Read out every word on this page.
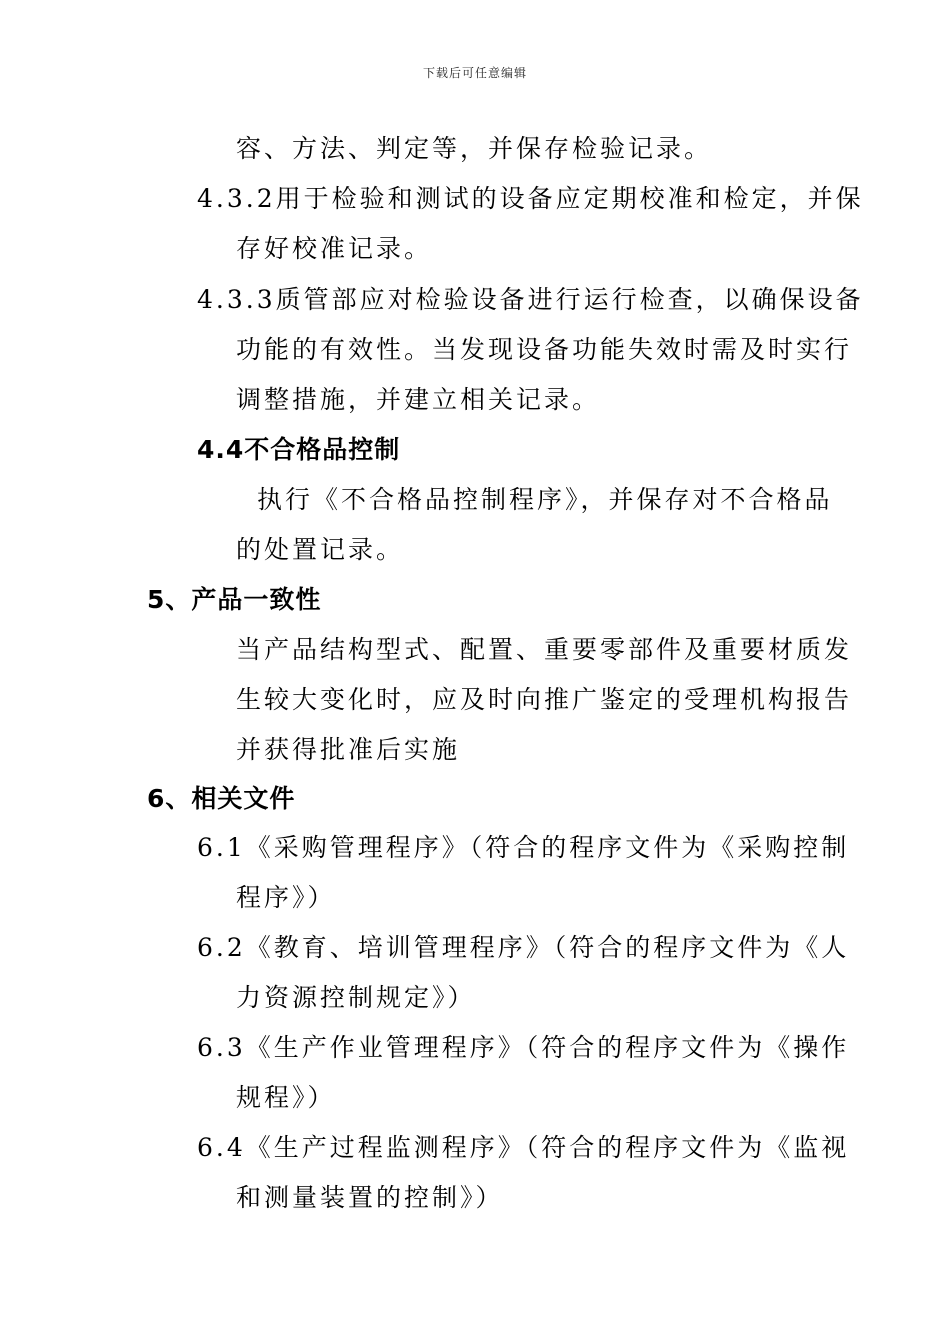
下载后可任意编辑
容、方法、判定等，并保存检验记录。
4.3.2用于检验和测试的设备应定期校准和检定，并保
存好校准记录。
4.3.3质管部应对检验设备进行运行检查，以确保设备
功能的有效性。当发现设备功能失效时需及时实行
调整措施，并建立相关记录。
4.4不合格品控制
执行《不合格品控制程序》，并保存对不合格品
的处置记录。
5、产品一致性
当产品结构型式、配置、重要零部件及重要材质发
生较大变化时，应及时向推广鉴定的受理机构报告
并获得批准后实施
6、相关文件
6.1《采购管理程序》（符合的程序文件为《采购控制
程序》）
6.2《教育、培训管理程序》（符合的程序文件为《人
力资源控制规定》）
6.3《生产作业管理程序》（符合的程序文件为《操作
规程》）
6.4《生产过程监测程序》（符合的程序文件为《监视
和测量装置的控制》）
